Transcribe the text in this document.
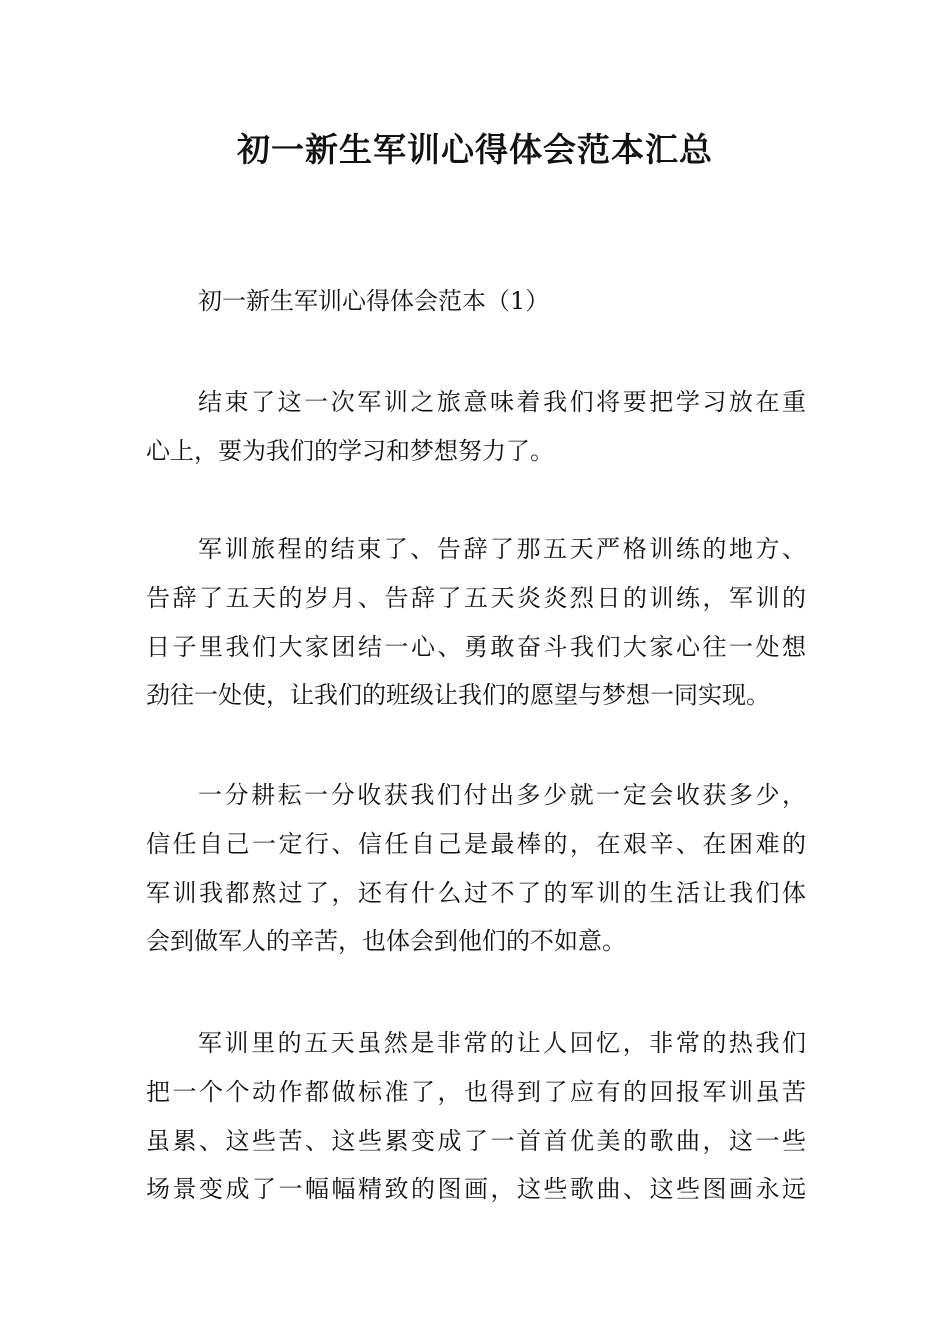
初一新生军训心得体会范本汇总
初一新生军训心得体会范本（1）
结束了这一次军训之旅意味着我们将要把学习放在重
心上，要为我们的学习和梦想努力了。
军训旅程的结束了、告辞了那五天严格训练的地方、
告辞了五天的岁月、告辞了五天炎炎烈日的训练，军训的
日子里我们大家团结一心、勇敢奋斗我们大家心往一处想
劲往一处使，让我们的班级让我们的愿望与梦想一同实现。
一分耕耘一分收获我们付出多少就一定会收获多少，
信任自己一定行、信任自己是最棒的，在艰辛、在困难的
军训我都熬过了，还有什么过不了的军训的生活让我们体
会到做军人的辛苦，也体会到他们的不如意。
军训里的五天虽然是非常的让人回忆，非常的热我们
把一个个动作都做标准了，也得到了应有的回报军训虽苦
虽累、这些苦、这些累变成了一首首优美的歌曲，这一些
场景变成了一幅幅精致的图画，这些歌曲、这些图画永远
